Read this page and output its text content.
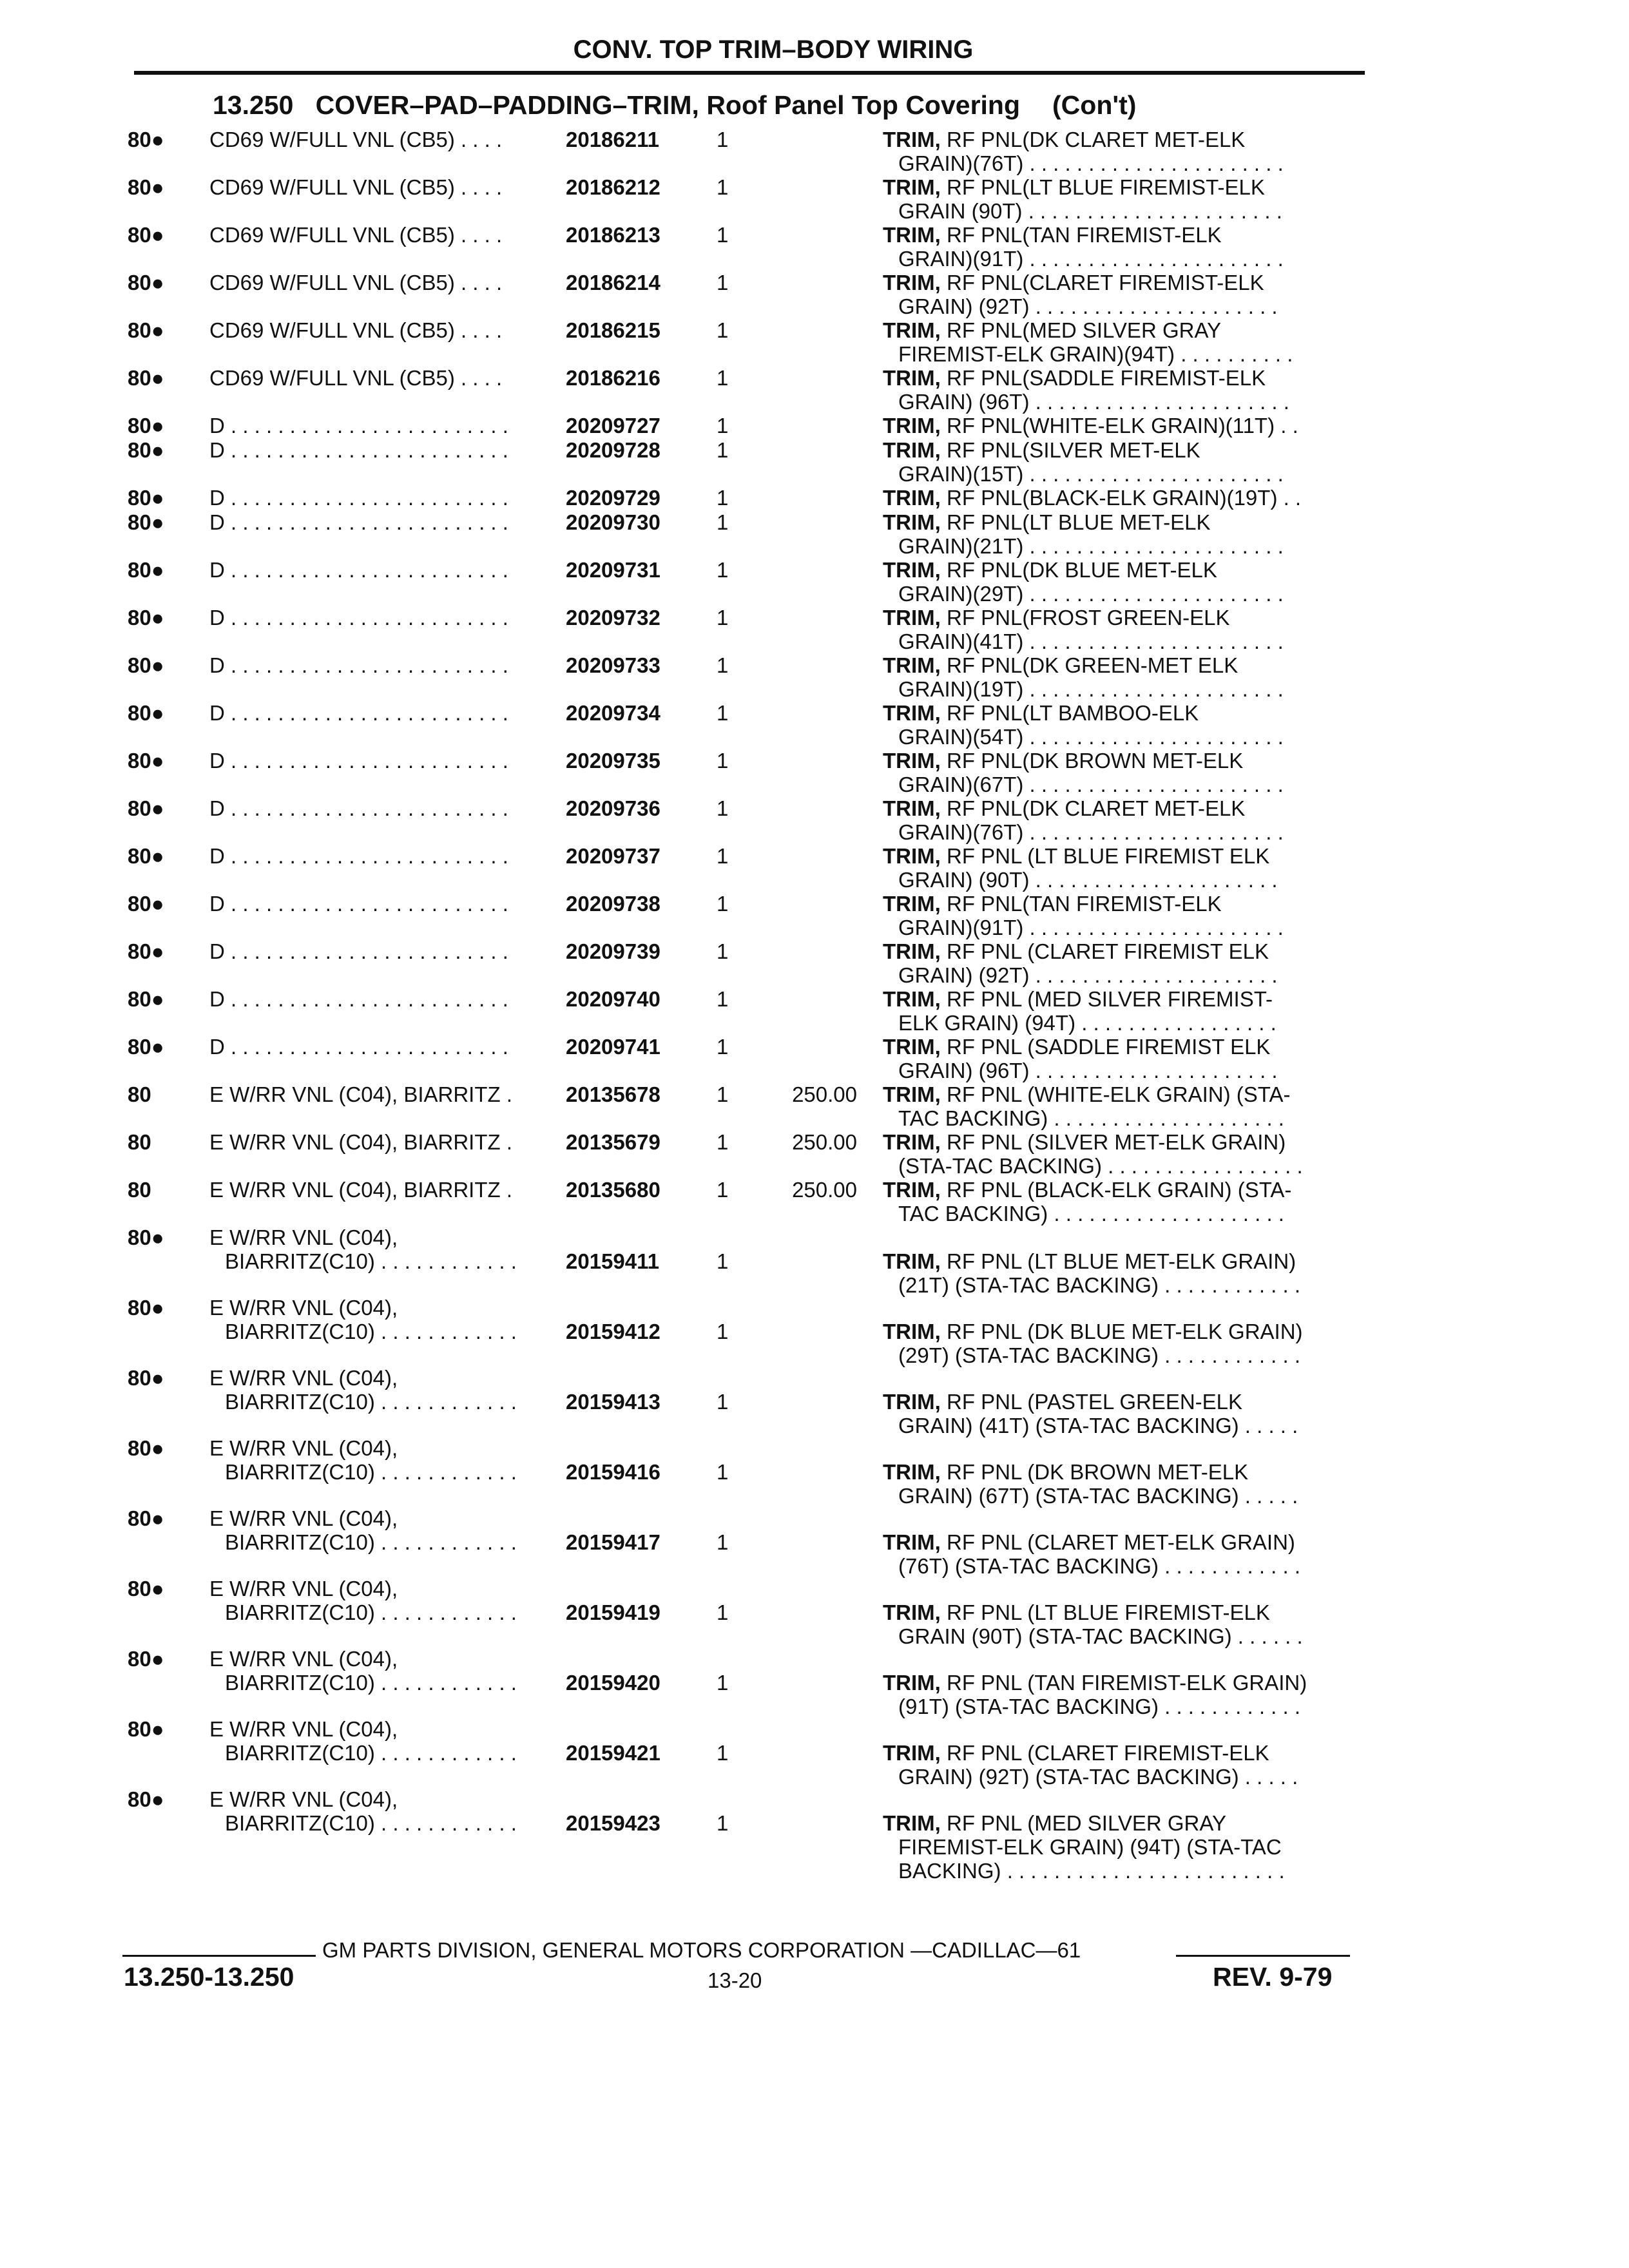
CONV. TOP TRIM–BODY WIRING
13.250 COVER–PAD–PADDING–TRIM, Roof Panel Top Covering (Con't)
80● CD69 W/FULL VNL (CB5) . . . .	20186211	1	TRIM, RF PNL(DK CLARET MET-ELK
GRAIN)(76T) . . . . . . . . . . . . . . . . . . . . . .
80● CD69 W/FULL VNL (CB5) . . . .	20186212	1	TRIM, RF PNL(LT BLUE FIREMIST-ELK
GRAIN (90T) . . . . . . . . . . . . . . . . . . . . . .
80● CD69 W/FULL VNL (CB5) . . . .	20186213	1	TRIM, RF PNL(TAN FIREMIST-ELK
GRAIN)(91T) . . . . . . . . . . . . . . . . . . . . . .
80● CD69 W/FULL VNL (CB5) . . . .	20186214	1	TRIM, RF PNL(CLARET FIREMIST-ELK
GRAIN) (92T) . . . . . . . . . . . . . . . . . . . . .
80● CD69 W/FULL VNL (CB5) . . . .	20186215	1	TRIM, RF PNL(MED SILVER GRAY
FIREMIST-ELK GRAIN)(94T) . . . . . . . . . .
80● CD69 W/FULL VNL (CB5) . . . .	20186216	1	TRIM, RF PNL(SADDLE FIREMIST-ELK
GRAIN) (96T) . . . . . . . . . . . . . . . . . . . . . .
80● D . . . . . . . . . . . . . . . . . . . . . . . .	20209727	1	TRIM, RF PNL(WHITE-ELK GRAIN)(11T) . .
80● D . . . . . . . . . . . . . . . . . . . . . . . .	20209728	1	TRIM, RF PNL(SILVER MET-ELK
GRAIN)(15T) . . . . . . . . . . . . . . . . . . . . . .
80● D . . . . . . . . . . . . . . . . . . . . . . . .	20209729	1	TRIM, RF PNL(BLACK-ELK GRAIN)(19T) . .
80● D . . . . . . . . . . . . . . . . . . . . . . . .	20209730	1	TRIM, RF PNL(LT BLUE MET-ELK
GRAIN)(21T) . . . . . . . . . . . . . . . . . . . . . .
80● D . . . . . . . . . . . . . . . . . . . . . . . .	20209731	1	TRIM, RF PNL(DK BLUE MET-ELK
GRAIN)(29T) . . . . . . . . . . . . . . . . . . . . . .
80● D . . . . . . . . . . . . . . . . . . . . . . . .	20209732	1	TRIM, RF PNL(FROST GREEN-ELK
GRAIN)(41T) . . . . . . . . . . . . . . . . . . . . . .
80● D . . . . . . . . . . . . . . . . . . . . . . . .	20209733	1	TRIM, RF PNL(DK GREEN-MET ELK
GRAIN)(19T) . . . . . . . . . . . . . . . . . . . . . .
80● D . . . . . . . . . . . . . . . . . . . . . . . .	20209734	1	TRIM, RF PNL(LT BAMBOO-ELK
GRAIN)(54T) . . . . . . . . . . . . . . . . . . . . . .
80● D . . . . . . . . . . . . . . . . . . . . . . . .	20209735	1	TRIM, RF PNL(DK BROWN MET-ELK
GRAIN)(67T) . . . . . . . . . . . . . . . . . . . . . .
80● D . . . . . . . . . . . . . . . . . . . . . . . .	20209736	1	TRIM, RF PNL(DK CLARET MET-ELK
GRAIN)(76T) . . . . . . . . . . . . . . . . . . . . . .
80● D . . . . . . . . . . . . . . . . . . . . . . . .	20209737	1	TRIM, RF PNL (LT BLUE FIREMIST ELK
GRAIN) (90T) . . . . . . . . . . . . . . . . . . . . .
80● D . . . . . . . . . . . . . . . . . . . . . . . .	20209738	1	TRIM, RF PNL(TAN FIREMIST-ELK
GRAIN)(91T) . . . . . . . . . . . . . . . . . . . . . .
80● D . . . . . . . . . . . . . . . . . . . . . . . .	20209739	1	TRIM, RF PNL (CLARET FIREMIST ELK
GRAIN) (92T) . . . . . . . . . . . . . . . . . . . . .
80● D . . . . . . . . . . . . . . . . . . . . . . . .	20209740	1	TRIM, RF PNL (MED SILVER FIREMIST-
ELK GRAIN) (94T) . . . . . . . . . . . . . . . . .
80● D . . . . . . . . . . . . . . . . . . . . . . . .	20209741	1	TRIM, RF PNL (SADDLE FIREMIST ELK
GRAIN) (96T) . . . . . . . . . . . . . . . . . . . . .
80	E W/RR VNL (C04), BIARRITZ .	20135678	1	250.00 TRIM, RF PNL (WHITE-ELK GRAIN) (STA-
TAC BACKING) . . . . . . . . . . . . . . . . . . . .
80	E W/RR VNL (C04), BIARRITZ .	20135679	1	250.00 TRIM, RF PNL (SILVER MET-ELK GRAIN)
(STA-TAC BACKING) . . . . . . . . . . . . . . . . .
80	E W/RR VNL (C04), BIARRITZ .	20135680	1	250.00 TRIM, RF PNL (BLACK-ELK GRAIN) (STA-
TAC BACKING) . . . . . . . . . . . . . . . . . . . .
80● E W/RR VNL (C04),
BIARRITZ(C10) . . . . . . . . . . . .	20159411	1	TRIM, RF PNL (LT BLUE MET-ELK GRAIN)
(21T) (STA-TAC BACKING) . . . . . . . . . . . .
80● E W/RR VNL (C04),
BIARRITZ(C10) . . . . . . . . . . . .	20159412	1	TRIM, RF PNL (DK BLUE MET-ELK GRAIN)
(29T) (STA-TAC BACKING) . . . . . . . . . . . .
80● E W/RR VNL (C04),
BIARRITZ(C10) . . . . . . . . . . . .	20159413	1	TRIM, RF PNL (PASTEL GREEN-ELK
GRAIN) (41T) (STA-TAC BACKING) . . . . .
80● E W/RR VNL (C04),
BIARRITZ(C10) . . . . . . . . . . . .	20159416	1	TRIM, RF PNL (DK BROWN MET-ELK
GRAIN) (67T) (STA-TAC BACKING) . . . . .
80● E W/RR VNL (C04),
BIARRITZ(C10) . . . . . . . . . . . .	20159417	1	TRIM, RF PNL (CLARET MET-ELK GRAIN)
(76T) (STA-TAC BACKING) . . . . . . . . . . . .
80● E W/RR VNL (C04),
BIARRITZ(C10) . . . . . . . . . . . .	20159419	1	TRIM, RF PNL (LT BLUE FIREMIST-ELK
GRAIN (90T) (STA-TAC BACKING) . . . . . .
80● E W/RR VNL (C04),
BIARRITZ(C10) . . . . . . . . . . . .	20159420	1	TRIM, RF PNL (TAN FIREMIST-ELK GRAIN)
(91T) (STA-TAC BACKING) . . . . . . . . . . . .
80● E W/RR VNL (C04),
BIARRITZ(C10) . . . . . . . . . . . .	20159421	1	TRIM, RF PNL (CLARET FIREMIST-ELK
GRAIN) (92T) (STA-TAC BACKING) . . . . .
80● E W/RR VNL (C04),
BIARRITZ(C10) . . . . . . . . . . . .	20159423	1	TRIM, RF PNL (MED SILVER GRAY
FIREMIST-ELK GRAIN) (94T) (STA-TAC
BACKING) . . . . . . . . . . . . . . . . . . . . . . . .
GM PARTS DIVISION, GENERAL MOTORS CORPORATION —CADILLAC—61
13.250-13.250	13-20	REV. 9-79
